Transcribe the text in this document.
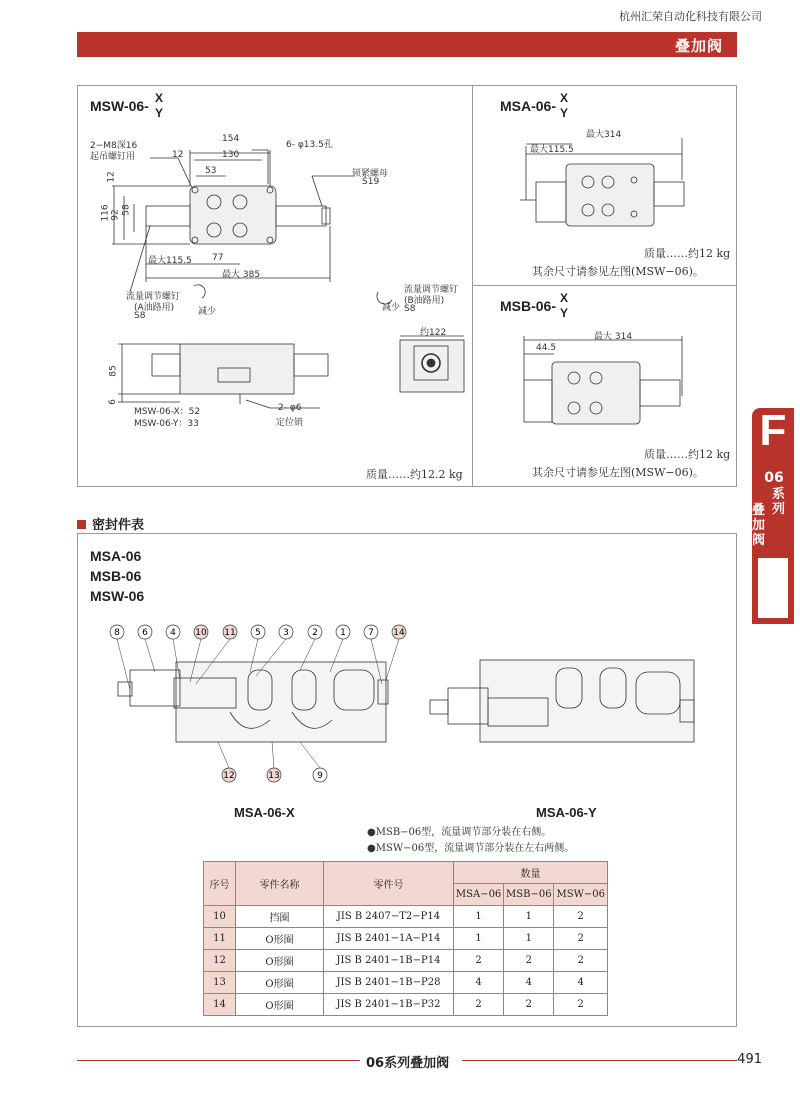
杭州汇荣自动化科技有限公司
叠加阀
8 6 4 10 11 5 3	2 1 7 14
12	13	9
MSW-06- X
Y
2−M8深16
起吊螺钉用
154
130
12
53
6- φ13.5孔
锁紧螺母
S19
12
116 92 58
最大115.5 77
最大 385
流量调节螺钉
(A油路用)
S8	减少
流量调节螺钉
(B油路用)
S8
减少
约122
85
6
MSW-06-X：52
MSW-06-Y：33
2- φ6
定位销
质量……约12.2 kg
MSA-06- X
Y
最大314
最大115.5
质量……约12 kg
其余尺寸请参见左图(MSW−06)。
MSB-06- X
Y
最大 314
44.5
质量……约12 kg
其余尺寸请参见左图(MSW−06)。
密封件表
MSA-06
MSB-06
MSW-06
MSA-06-X	MSA-06-Y
●MSB−06型，流量调节部分装在右侧。
●MSW−06型，流量调节部分装在左右两侧。
序号	零件名称	零件号	数量		
			MSA−06	MSB−06	MSW−06
10	挡圈	JIS B 2407−T2−P14	1	1	2
11	O形圈	JIS B 2401−1A−P14	1	1	2
12	O形圈	JIS B 2401−1B−P14	2	2	2
13	O形圈	JIS B 2401−1B−P28	4	4	4
14	O形圈	JIS B 2401−1B−P32	2	2	2
F
06
系列
叠加阀
06系列叠加阀	491
